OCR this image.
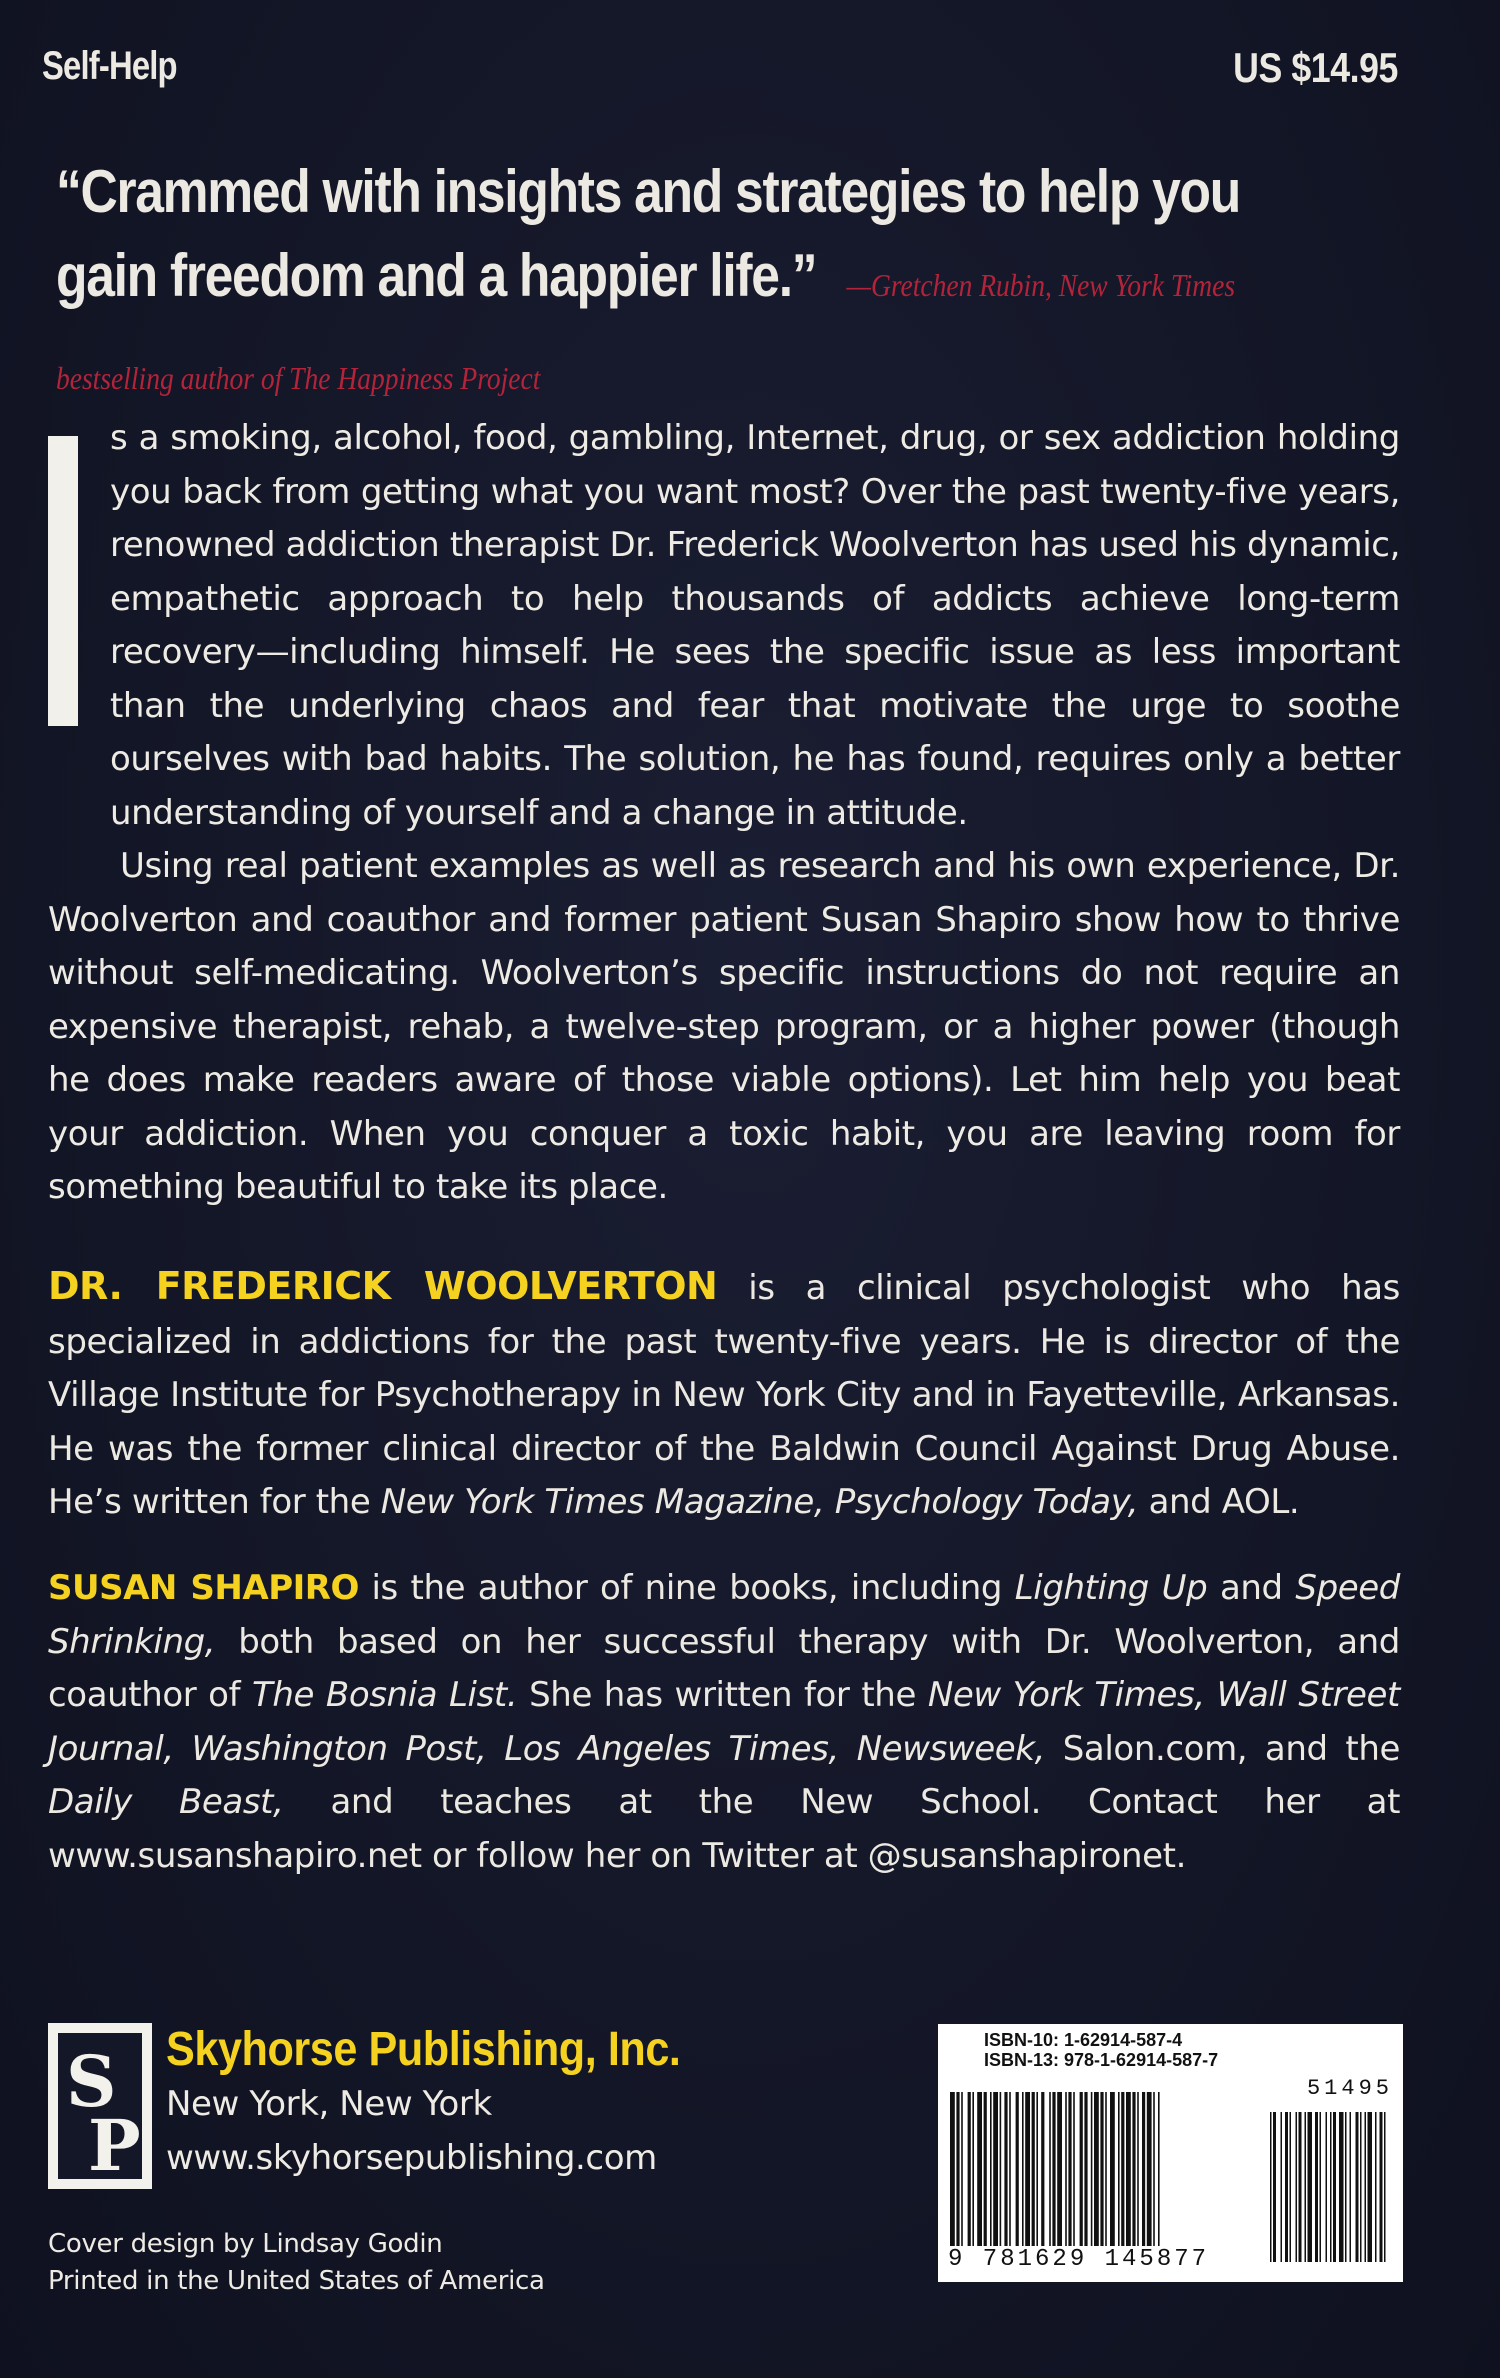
Self-Help	US $14.95
“Crammed with insights and strategies to help you gain freedom and a happier life.” —Gretchen Rubin, New York Times bestselling author of The Happiness Project

s a smoking, alcohol, food, gambling, Internet, drug, or sex addiction holding you back from getting what you want most? Over the past twenty-five years, renowned addiction therapist Dr. Frederick Woolverton has used his dynamic, empathetic approach to help thousands of addicts achieve long-term recovery—including himself. He sees the specific issue as less important than the underlying chaos and fear that motivate the urge to soothe ourselves with bad habits. The solution, he has found, requires only a better understanding of yourself and a change in attitude.

Using real patient examples as well as research and his own experience, Dr. Woolverton and coauthor and former patient Susan Shapiro show how to thrive without self-medicating. Woolverton’s specific instructions do not require an expensive therapist, rehab, a twelve-step program, or a higher power (though he does make readers aware of those viable options). Let him help you beat your addiction. When you conquer a toxic habit, you are leaving room for something beautiful to take its place.

DR. FREDERICK WOOLVERTON is a clinical psychologist who has specialized in addictions for the past twenty-five years. He is director of the Village Institute for Psychotherapy in New York City and in Fayetteville, Arkansas. He was the former clinical director of the Baldwin Council Against Drug Abuse. He’s written for the New York Times Magazine, Psychology Today, and AOL.
SUSAN SHAPIRO is the author of nine books, including Lighting Up and Speed Shrinking, both based on her successful therapy with Dr. Woolverton, and coauthor of The Bosnia List. She has written for the New York Times, Wall Street Journal, Washington Post, Los Angeles Times, Newsweek, Salon.com, and the Daily Beast, and teaches at the New School. Contact her at www.susanshapiro.net or follow her on Twitter at @susanshapironet.
S
P
Skyhorse Publishing, Inc.
New York, New York
www.skyhorsepublishing.com
Cover design by Lindsay Godin
Printed in the United States of America
ISBN-10: 1-62914-587-4
ISBN-13: 978-1-62914-587-7
51495
9 781629 145877
